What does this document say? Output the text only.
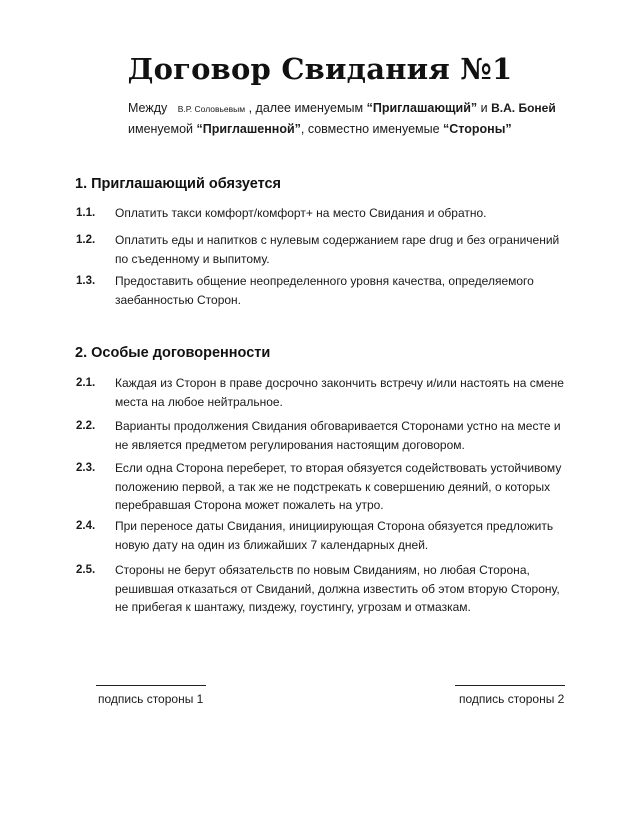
Договор Свидания №1
Между В.Р. Соловьевым , далее именуемым “Приглашающий” и В.А. Боней
именуемой “Приглашенной”, совместно именуемые “Стороны”
1. Приглашающий обязуется
1.1. Оплатить такси комфорт/комфорт+ на место Свидания и обратно.
1.2. Оплатить еды и напитков с нулевым содержанием rape drug и без ограничений
по съеденному и выпитому.
1.3. Предоставить общение неопределенного уровня качества, определяемого
заебанностью Сторон.
2. Особые договоренности
2.1. Каждая из Сторон в праве досрочно закончить встречу и/или настоять на смене
места на любое нейтральное.
2.2. Варианты продолжения Свидания обговаривается Сторонами устно на месте и
не является предметом регулирования настоящим договором.
2.3. Если одна Сторона переберет, то вторая обязуется содействовать устойчивому
положению первой, а так же не подстрекать к совершению деяний, о которых
перебравшая Сторона может пожалеть на утро.
2.4. При переносе даты Свидания, инициирующая Сторона обязуется предложить
новую дату на один из ближайших 7 календарных дней.
2.5. Стороны не берут обязательств по новым Свиданиям, но любая Сторона,
решившая отказаться от Свиданий, должна известить об этом вторую Сторону,
не прибегая к шантажу, пиздежу, гоустингу, угрозам и отмазкам.
подпись стороны 1	подпись стороны 2
